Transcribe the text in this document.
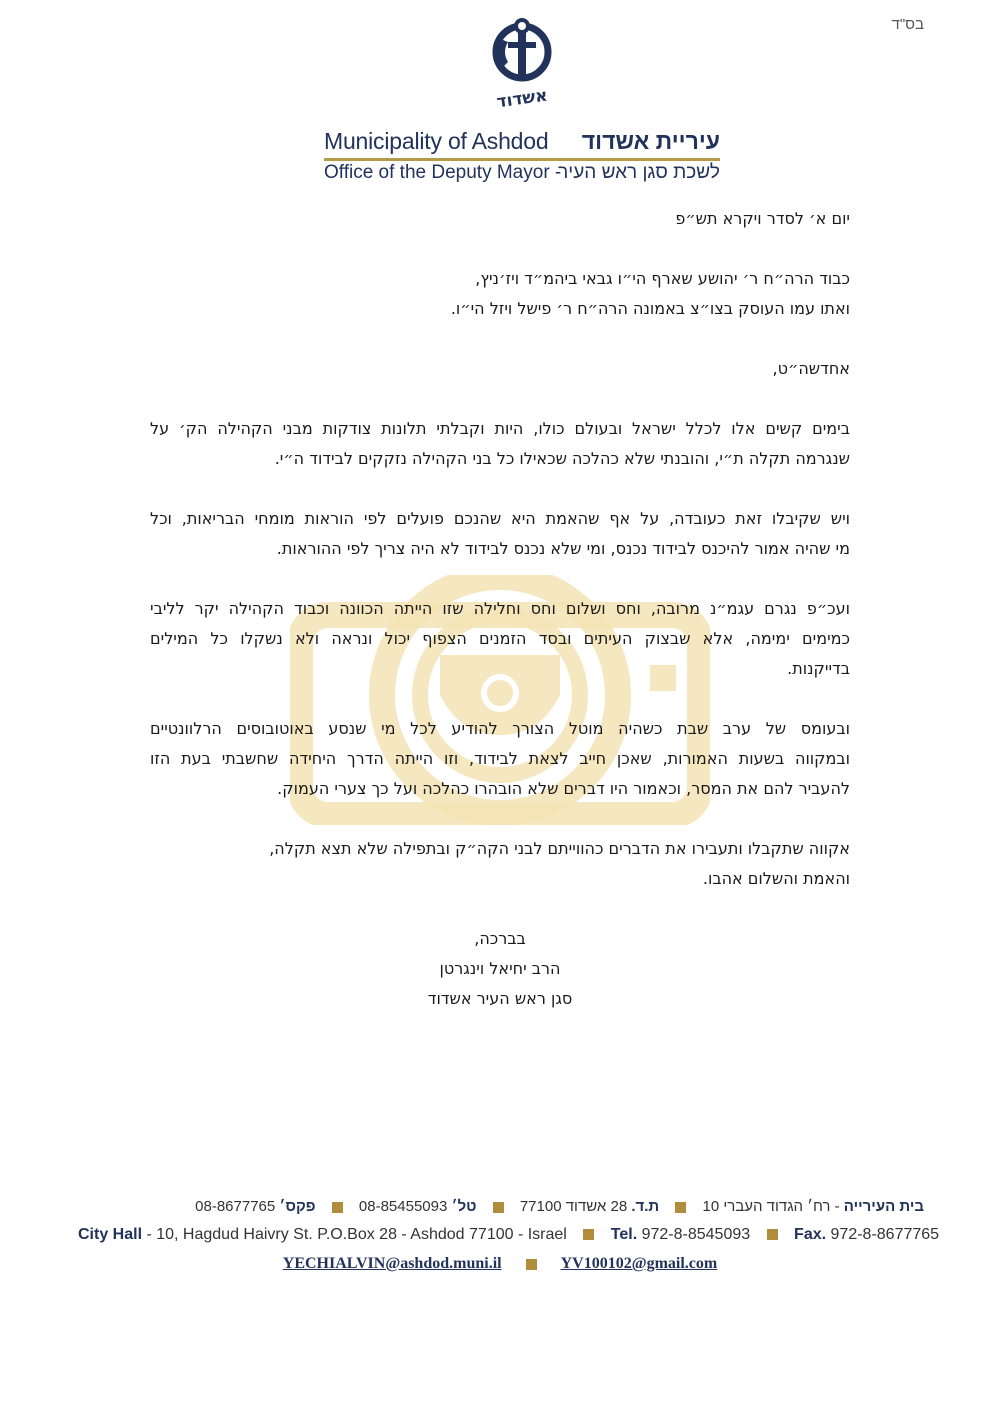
בס"ד
אשדוד
Municipality of Ashdod עיריית אשדוד
Office of the Deputy Mayor -
לשכת סגן ראש העיר
יום א׳ לסדר ויקרא תש״פ
כבוד הרה״ח ר׳ יהושע שארף הי״ו גבאי ביהמ״ד ויז׳ניץ,
ואתו עמו העוסק בצו״צ באמונה הרה״ח ר׳ פישל ויזל הי״ו.
אחדשה״ט,
בימים קשים אלו לכלל ישראל ובעולם כולו, היות וקבלתי תלונות צודקות מבני הקהילה הק׳ על
שנגרמה תקלה ת״י, והובנתי שלא כהלכה שכאילו כל בני הקהילה נזקקים לבידוד ה״י.
ויש שקיבלו זאת כעובדה, על אף שהאמת היא שהנכם פועלים לפי הוראות מומחי הבריאות, וכל
מי שהיה אמור להיכנס לבידוד נכנס, ומי שלא נכנס לבידוד לא היה צריך לפי ההוראות.
ועכ״פ נגרם עגמ״נ מרובה, וחס ושלום וחס וחלילה שזו הייתה הכוונה וכבוד הקהילה יקר לליבי
כמימים ימימה, אלא שבצוק העיתים ובסד הזמנים הצפוף יכול ונראה ולא נשקלו כל המילים
בדייקנות.
ובעומס של ערב שבת כשהיה מוטל הצורך להודיע לכל מי שנסע באוטובוסים הרלוונטיים
ובמקווה בשעות האמורות, שאכן חייב לצאת לבידוד, וזו הייתה הדרך היחידה שחשבתי בעת הזו
להעביר להם את המסר, וכאמור היו דברים שלא הובהרו כהלכה ועל כך צערי העמוק.
אקווה שתקבלו ותעבירו את הדברים כהווייתם לבני הקה״ק ובתפילה שלא תצא תקלה,
והאמת והשלום אהבו.
בברכה,
הרב יחיאל וינגרטן
סגן ראש העיר אשדוד
בית העירייה - רח׳ הגדוד העברי 10  ת.ד. 28 אשדוד 77100  טל׳ 08-85455093  פקס׳ 08-8677765
City Hall - 10, Hagdud Haivry St. P.O.Box 28 - Ashdod 77100 - Israel	Tel. 972-8-8545093	Fax. 972-8-8677765
YECHIALVIN@ashdod.muni.il	YV100102@gmail.com
